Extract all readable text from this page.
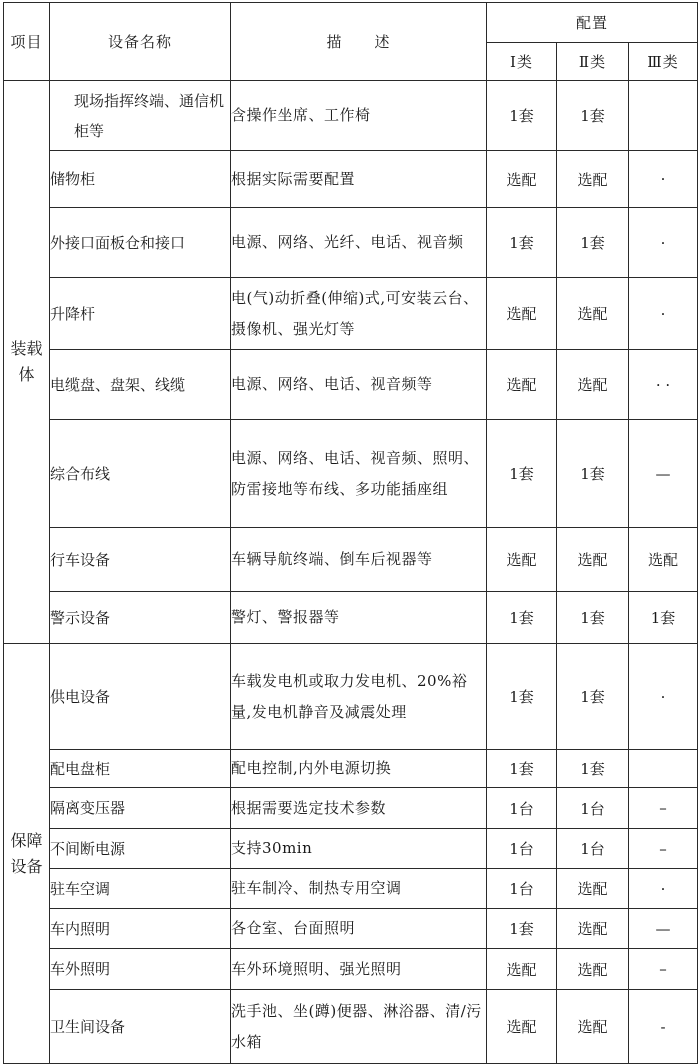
项目	设备名称	描　　述	配置		
			Ⅰ类	Ⅱ类	Ⅲ类
装载体	现场指挥终端、通信机柜等	含操作坐席、工作椅	1套	1套	
	储物柜	根据实际需要配置	选配	选配	·
	外接口面板仓和接口	电源、网络、光纤、电话、视音频	1套	1套	·
	升降杆	电(气)动折叠(伸缩)式,可安装云台、摄像机、强光灯等	选配	选配	·
	电缆盘、盘架、线缆	电源、网络、电话、视音频等	选配	选配	· ·
	综合布线	电源、网络、电话、视音频、照明、防雷接地等布线、多功能插座组	1套	1套	—
	行车设备	车辆导航终端、倒车后视器等	选配	选配	选配
	警示设备	警灯、警报器等	1套	1套	1套
保障设备	供电设备	车载发电机或取力发电机、20%裕量,发电机静音及减震处理	1套	1套	·
	配电盘柜	配电控制,内外电源切换	1套	1套	
	隔离变压器	根据需要选定技术参数	1台	1台	–
	不间断电源	支持30min	1台	1台	–
	驻车空调	驻车制冷、制热专用空调	1台	选配	·
	车内照明	各仓室、台面照明	1套	选配	—
	车外照明	车外环境照明、强光照明	选配	选配	–
	卫生间设备	洗手池、坐(蹲)便器、淋浴器、清/污水箱	选配	选配	-
